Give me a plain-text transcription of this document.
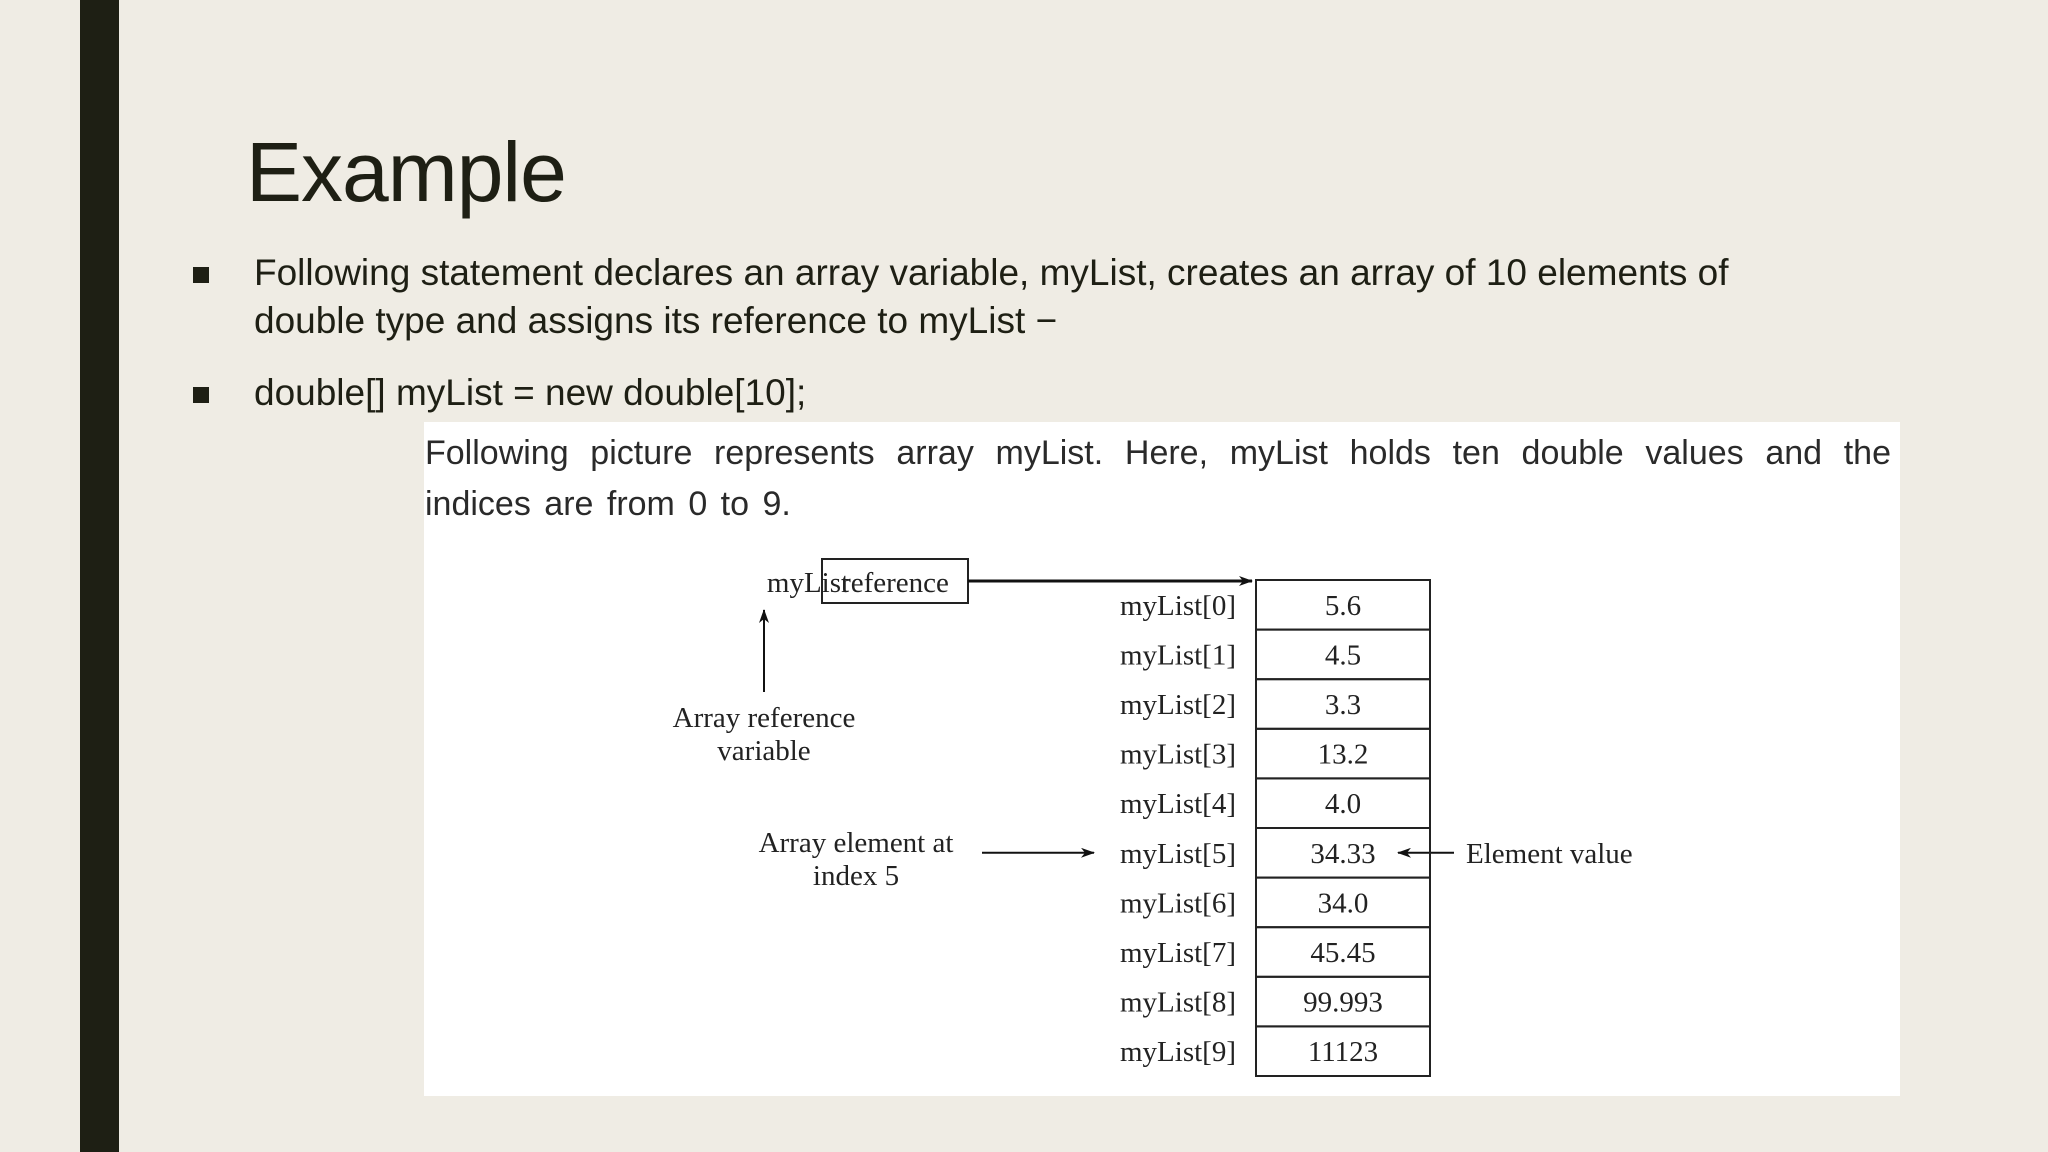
Example
Following statement declares an array variable, myList, creates an array of 10 elements of
double type and assigns its reference to myList −
double[] myList = new double[10];
Following picture represents array myList. Here, myList holds ten double values and the indices are from 0 to 9.
myList
reference
Array reference
variable
Array element at
index 5
Element value
myList[0]	5.6
myList[1]	4.5
myList[2]	3.3
myList[3]	13.2
myList[4]	4.0
myList[5]	34.33
myList[6]	34.0
myList[7]	45.45
myList[8] 99.993
myList[9] 11123
